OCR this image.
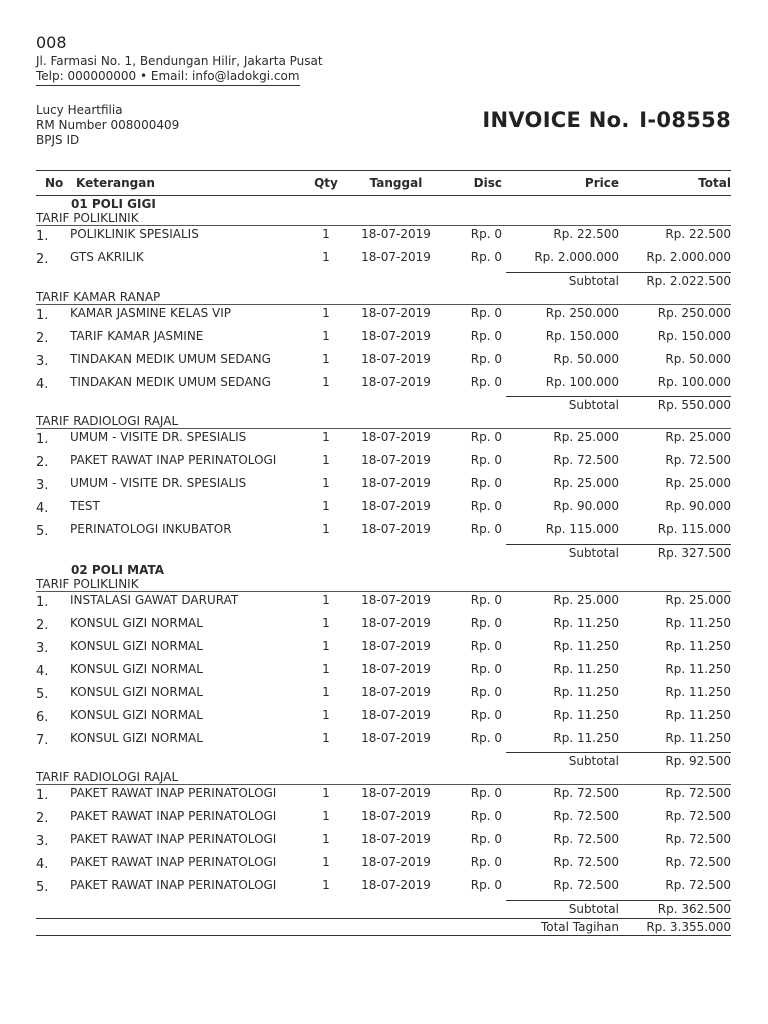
008
Jl. Farmasi No. 1, Bendungan Hilir, Jakarta Pusat
Telp: 000000000 • Email: info@ladokgi.com
Lucy Heartfilia
RM Number 008000409
BPJS ID
INVOICE No. I-08558
No	Keterangan	Qty	Tanggal	Disc	Price	Total
01 POLI GIGI						
TARIF POLIKLINIK						
1.	POLIKLINIK SPESIALIS	1	18-07-2019	Rp. 0	Rp. 22.500	Rp. 22.500
2.	GTS AKRILIK	1	18-07-2019	Rp. 0	Rp. 2.000.000	Rp. 2.000.000
					Subtotal	Rp. 2.022.500
TARIF KAMAR RANAP						
1.	KAMAR JASMINE KELAS VIP	1	18-07-2019	Rp. 0	Rp. 250.000	Rp. 250.000
2.	TARIF KAMAR JASMINE	1	18-07-2019	Rp. 0	Rp. 150.000	Rp. 150.000
3.	TINDAKAN MEDIK UMUM SEDANG	1	18-07-2019	Rp. 0	Rp. 50.000	Rp. 50.000
4.	TINDAKAN MEDIK UMUM SEDANG	1	18-07-2019	Rp. 0	Rp. 100.000	Rp. 100.000
					Subtotal	Rp. 550.000
TARIF RADIOLOGI RAJAL						
1.	UMUM - VISITE DR. SPESIALIS	1	18-07-2019	Rp. 0	Rp. 25.000	Rp. 25.000
2.	PAKET RAWAT INAP PERINATOLOGI	1	18-07-2019	Rp. 0	Rp. 72.500	Rp. 72.500
3.	UMUM - VISITE DR. SPESIALIS	1	18-07-2019	Rp. 0	Rp. 25.000	Rp. 25.000
4.	TEST	1	18-07-2019	Rp. 0	Rp. 90.000	Rp. 90.000
5.	PERINATOLOGI INKUBATOR	1	18-07-2019	Rp. 0	Rp. 115.000	Rp. 115.000
					Subtotal	Rp. 327.500
02 POLI MATA						
TARIF POLIKLINIK						
1.	INSTALASI GAWAT DARURAT	1	18-07-2019	Rp. 0	Rp. 25.000	Rp. 25.000
2.	KONSUL GIZI NORMAL	1	18-07-2019	Rp. 0	Rp. 11.250	Rp. 11.250
3.	KONSUL GIZI NORMAL	1	18-07-2019	Rp. 0	Rp. 11.250	Rp. 11.250
4.	KONSUL GIZI NORMAL	1	18-07-2019	Rp. 0	Rp. 11.250	Rp. 11.250
5.	KONSUL GIZI NORMAL	1	18-07-2019	Rp. 0	Rp. 11.250	Rp. 11.250
6.	KONSUL GIZI NORMAL	1	18-07-2019	Rp. 0	Rp. 11.250	Rp. 11.250
7.	KONSUL GIZI NORMAL	1	18-07-2019	Rp. 0	Rp. 11.250	Rp. 11.250
					Subtotal	Rp. 92.500
TARIF RADIOLOGI RAJAL						
1.	PAKET RAWAT INAP PERINATOLOGI	1	18-07-2019	Rp. 0	Rp. 72.500	Rp. 72.500
2.	PAKET RAWAT INAP PERINATOLOGI	1	18-07-2019	Rp. 0	Rp. 72.500	Rp. 72.500
3.	PAKET RAWAT INAP PERINATOLOGI	1	18-07-2019	Rp. 0	Rp. 72.500	Rp. 72.500
4.	PAKET RAWAT INAP PERINATOLOGI	1	18-07-2019	Rp. 0	Rp. 72.500	Rp. 72.500
5.	PAKET RAWAT INAP PERINATOLOGI	1	18-07-2019	Rp. 0	Rp. 72.500	Rp. 72.500
					Subtotal	Rp. 362.500

					Total Tagihan	Rp. 3.355.000
